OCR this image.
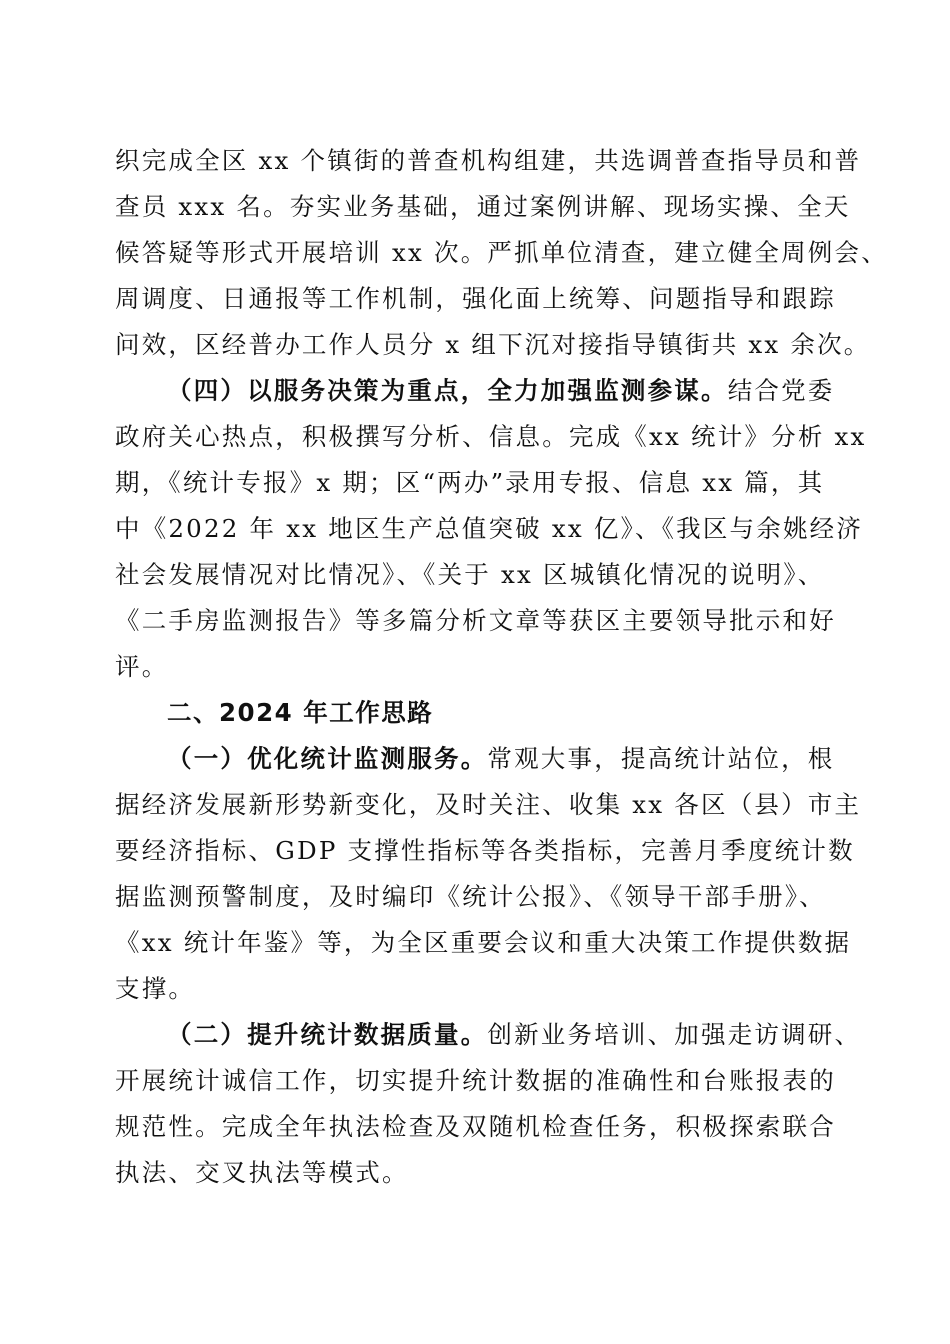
织完成全区 xx 个镇街的普查机构组建，共选调普查指导员和普
查员 xxx 名。夯实业务基础，通过案例讲解、现场实操、全天
候答疑等形式开展培训 xx 次。严抓单位清查，建立健全周例会、
周调度、日通报等工作机制，强化面上统筹、问题指导和跟踪
问效，区经普办工作人员分 x 组下沉对接指导镇街共 xx 余次。
（四）以服务决策为重点，全力加强监测参谋。结合党委
政府关心热点，积极撰写分析、信息。完成《xx 统计》分析 xx
期，《统计专报》x 期；区“两办”录用专报、信息 xx 篇，其
中《2022 年 xx 地区生产总值突破 xx 亿》、《我区与余姚经济
社会发展情况对比情况》、《关于 xx 区城镇化情况的说明》、
《二手房监测报告》等多篇分析文章等获区主要领导批示和好
评。
二、2024 年工作思路
（一）优化统计监测服务。常观大事，提高统计站位，根
据经济发展新形势新变化，及时关注、收集 xx 各区（县）市主
要经济指标、GDP 支撑性指标等各类指标，完善月季度统计数
据监测预警制度，及时编印《统计公报》、《领导干部手册》、
《xx 统计年鉴》等，为全区重要会议和重大决策工作提供数据
支撑。
（二）提升统计数据质量。创新业务培训、加强走访调研、
开展统计诚信工作，切实提升统计数据的准确性和台账报表的
规范性。完成全年执法检查及双随机检查任务，积极探索联合
执法、交叉执法等模式。
